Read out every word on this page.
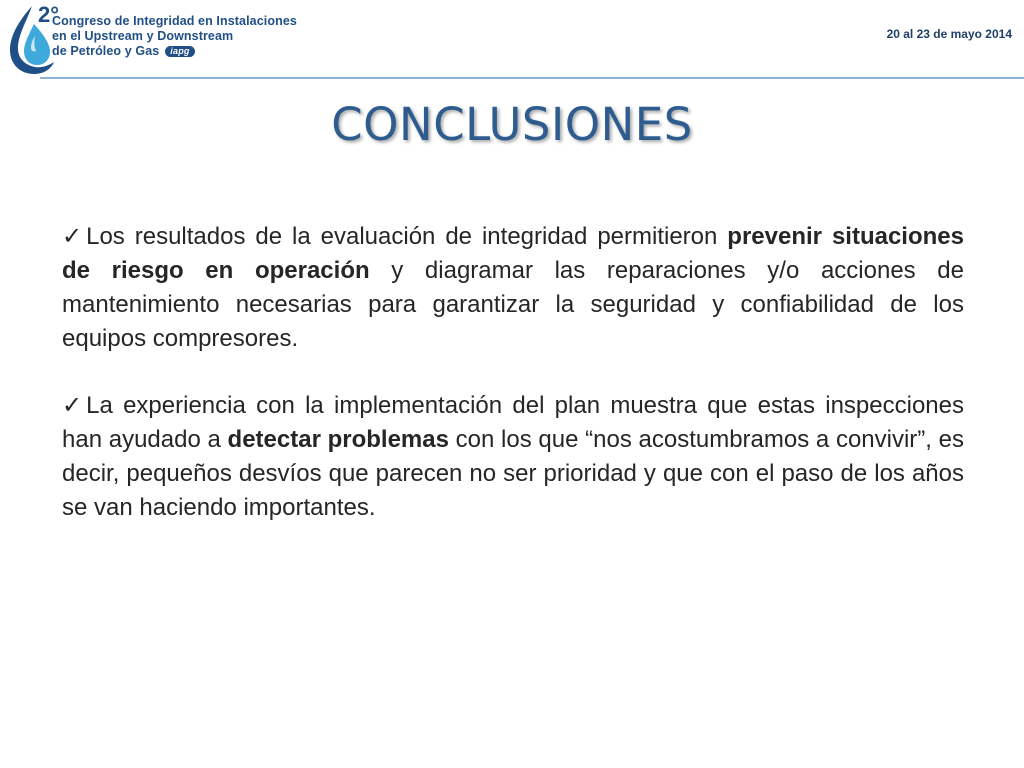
2°
Congreso de Integridad en Instalaciones
en el Upstream y Downstream
de Petróleo y Gas	iapg
20 al 23 de mayo 2014
CONCLUSIONES

✓ Los resultados de la evaluación de integridad permitieron prevenir situaciones de riesgo en operación y diagramar las reparaciones y/o acciones de mantenimiento necesarias para garantizar la seguridad y confiabilidad de los equipos compresores.

✓ La experiencia con la implementación del plan muestra que estas inspecciones han ayudado a detectar problemas con los que “nos acostumbramos a convivir”, es decir, pequeños desvíos que parecen no ser prioridad y que con el paso de los años se van haciendo importantes.
